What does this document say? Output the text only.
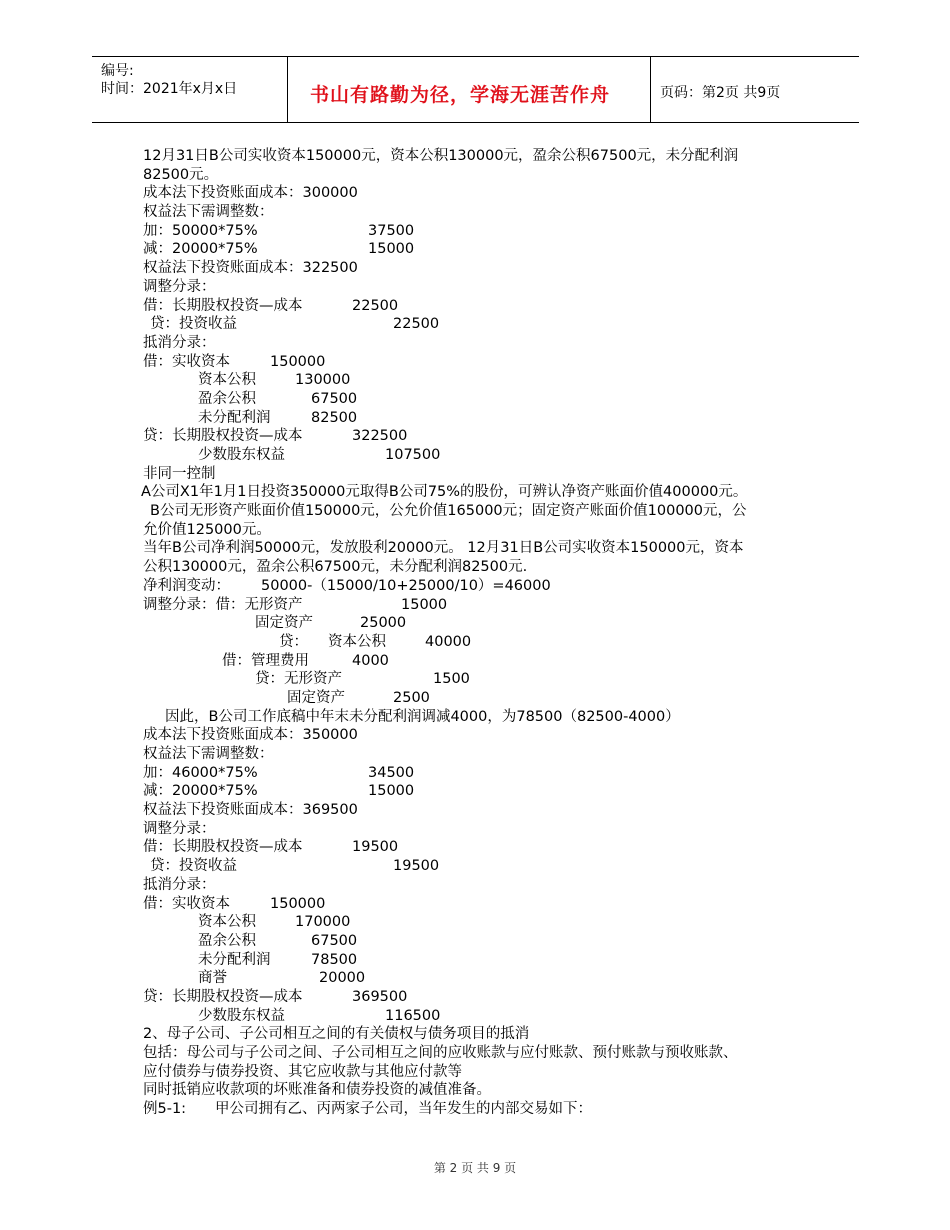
编号:
时间：2021年x月x日	书山有路勤为径，学海无涯苦作舟	页码：第2页 共9页
12月31日B公司实收资本150000元，资本公积130000元，盈余公积67500元，未分配利润
82500元。
成本法下投资账面成本：300000
权益法下需调整数：
加：50000*75%	37500
减：20000*75%	15000
权益法下投资账面成本：322500
调整分录：
借：长期股权投资—成本	22500
贷：投资收益	22500
抵消分录：
借：实收资本	150000
资本公积	130000
盈余公积	67500
未分配利润	82500
贷：长期股权投资—成本	322500
少数股东权益	107500
非同一控制
A公司X1年1月1日投资350000元取得B公司75%的股份，可辨认净资产账面价值400000元。
B公司无形资产账面价值150000元，公允价值165000元；固定资产账面价值100000元，公
允价值125000元。
当年B公司净利润50000元，发放股利20000元。 12月31日B公司实收资本150000元，资本
公积130000元，盈余公积67500元，未分配利润82500元.
净利润变动： 50000-（15000/10+25000/10）=46000
调整分录：借：无形资产	15000
固定资产	25000
贷： 资本公积	40000
借：管理费用	4000
贷：无形资产	1500
固定资产	2500
因此，B公司工作底稿中年末未分配利润调减4000，为78500（82500-4000）
成本法下投资账面成本：350000
权益法下需调整数：
加：46000*75%	34500
减：20000*75%	15000
权益法下投资账面成本：369500
调整分录：
借：长期股权投资—成本	19500
贷：投资收益	19500
抵消分录：
借：实收资本	150000
资本公积	170000
盈余公积	67500
未分配利润	78500
商誉	20000
贷：长期股权投资—成本	369500
少数股东权益	116500
2、母子公司、子公司相互之间的有关债权与债务项目的抵消
包括：母公司与子公司之间、子公司相互之间的应收账款与应付账款、预付账款与预收账款、
应付债券与债券投资、其它应收款与其他应付款等
同时抵销应收款项的坏账准备和债券投资的减值准备。
例5-1: 甲公司拥有乙、丙两家子公司，当年发生的内部交易如下：
第 2 页 共 9 页
